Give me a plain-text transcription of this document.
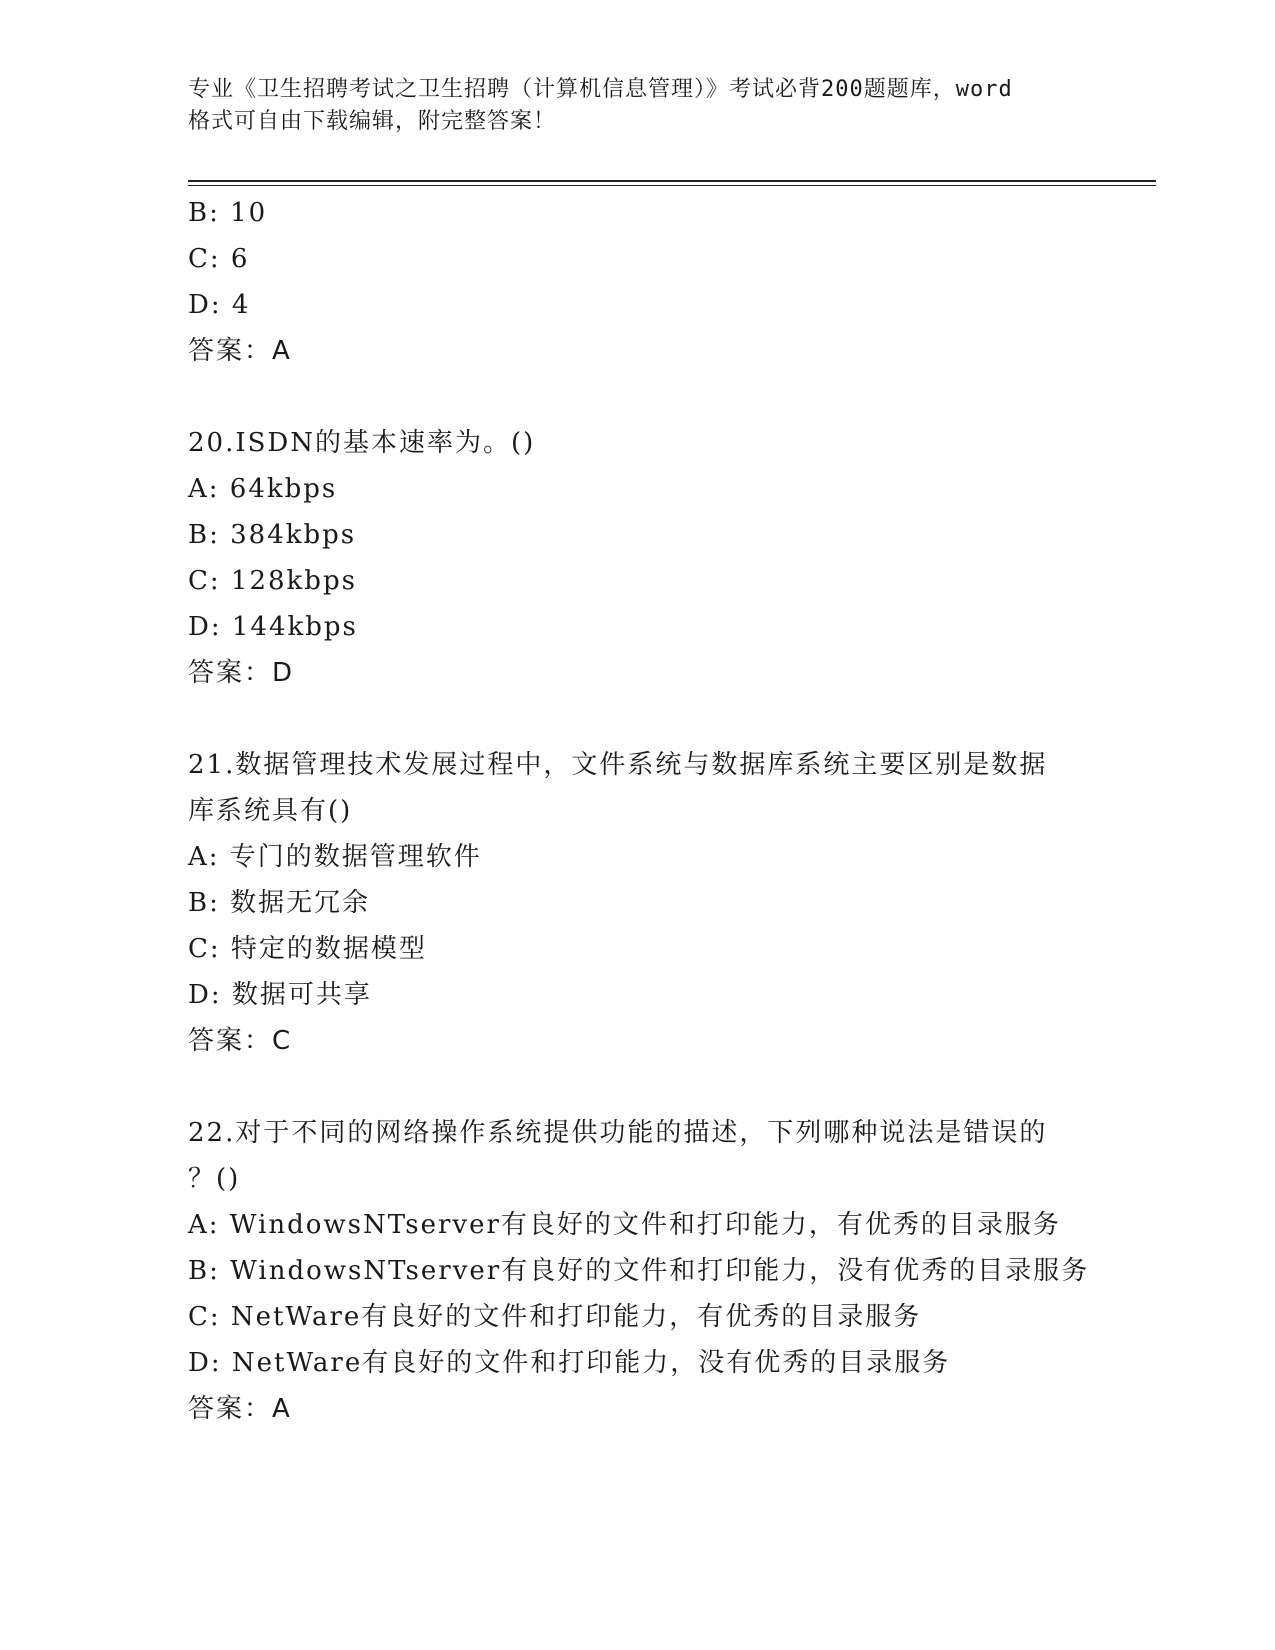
专业《卫生招聘考试之卫生招聘（计算机信息管理）》考试必背200题题库，word
格式可自由下载编辑，附完整答案！
B: 10
C: 6
D: 4
答案：A
20.ISDN的基本速率为。()
A: 64kbps
B: 384kbps
C: 128kbps
D: 144kbps
答案：D
21.数据管理技术发展过程中，文件系统与数据库系统主要区别是数据
库系统具有()
A: 专门的数据管理软件
B: 数据无冗余
C: 特定的数据模型
D: 数据可共享
答案：C
22.对于不同的网络操作系统提供功能的描述，下列哪种说法是错误的
？()
A: WindowsNTserver有良好的文件和打印能力，有优秀的目录服务
B: WindowsNTserver有良好的文件和打印能力，没有优秀的目录服务
C: NetWare有良好的文件和打印能力，有优秀的目录服务
D: NetWare有良好的文件和打印能力，没有优秀的目录服务
答案：A
